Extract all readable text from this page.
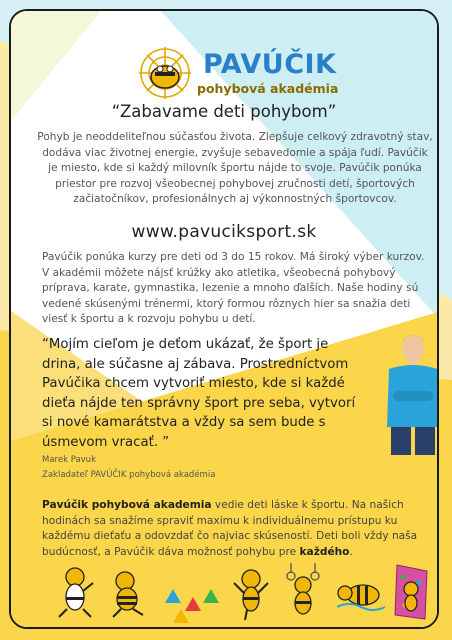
PAVÚČIK
pohybová akadémia
“Zabavame deti pohybom”
Pohyb je neoddeliteľnou súčasťou života. Zlepšuje celkový zdravotný stav, dodáva viac životnej energie, zvyšuje sebavedomie a spája ľudí. Pavúčik je miesto, kde si každý milovník športu nájde to svoje. Pavúčik ponúka priestor pre rozvoj všeobecnej pohybovej zručnosti detí, športových začiatočníkov, profesionálnych aj výkonnostných športovcov.
www.pavuciksport.sk
Pavúčik ponúka kurzy pre deti od 3 do 15 rokov. Má široký výber kurzov. V akadémii môžete nájsť krúžky ako atletika, všeobecná pohybový príprava, karate, gymnastika, lezenie a mnoho ďalších. Naše hodiny sú vedené skúsenými trénermi, ktorý formou rôznych hier sa snažia deti viesť k športu a k rozvoju pohybu u detí.
“Mojím cieľom je deťom ukázať, že šport je drina, ale súčasne aj zábava. Prostredníctvom Pavúčika chcem vytvoriť miesto, kde si každé dieťa nájde ten správny šport pre seba, vytvorí si nové kamarátstva a vždy sa sem bude s úsmevom vracať. ”
Marek Pavuk
Zakladateľ PAVÚČIK pohybová akadémia
Pavúčik pohybová akademia vedie deti láske k športu. Na našich hodinách sa snažíme spraviť maximu k individuálnemu prístupu ku každému dieťaťu a odovzdať čo najviac skúseností. Deti boli vždy naša budúcnosť, a Pavúčik dáva možnosť pohybu pre každého.
